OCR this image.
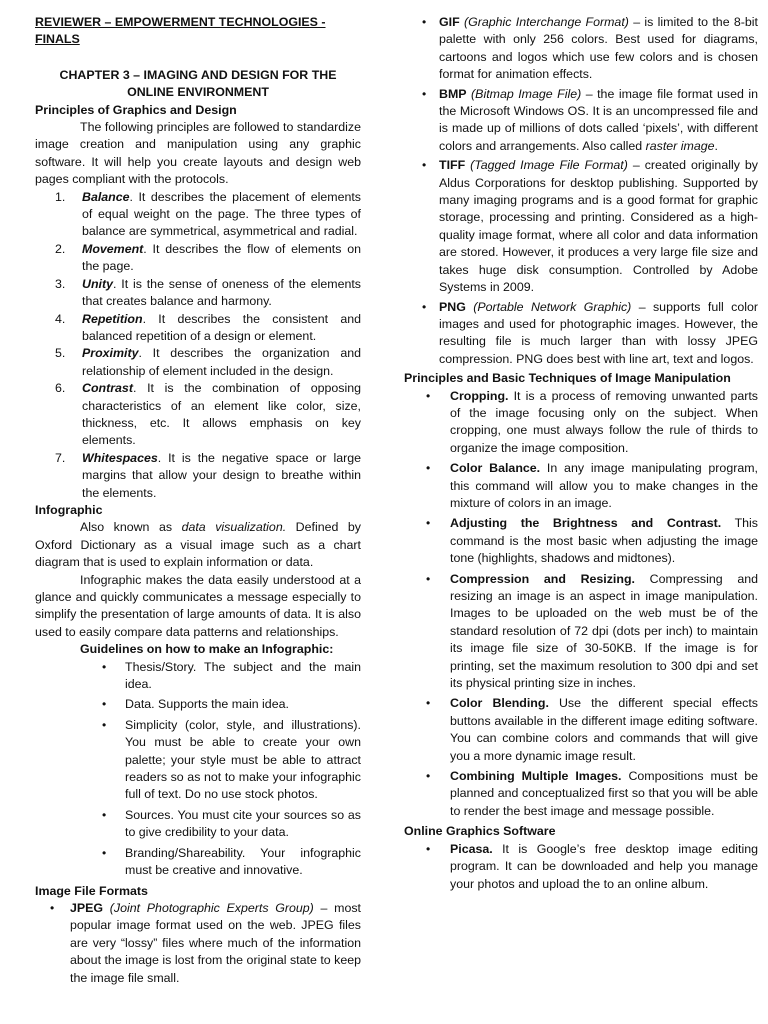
REVIEWER – EMPOWERMENT TECHNOLOGIES - FINALS

CHAPTER 3 – IMAGING AND DESIGN FOR THE ONLINE ENVIRONMENT

Principles of Graphics and Design

The following principles are followed to standardize image creation and manipulation using any graphic software. It will help you create layouts and design web pages compliant with the protocols.

1. Balance. It describes the placement of elements of equal weight on the page. The three types of balance are symmetrical, asymmetrical and radial.
2. Movement. It describes the flow of elements on the page.
3. Unity. It is the sense of oneness of the elements that creates balance and harmony.
4. Repetition. It describes the consistent and balanced repetition of a design or element.
5. Proximity. It describes the organization and relationship of element included in the design.
6. Contrast. It is the combination of opposing characteristics of an element like color, size, thickness, etc. It allows emphasis on key elements.
7. Whitespaces. It is the negative space or large margins that allow your design to breathe within the elements.

Infographic

Also known as data visualization. Defined by Oxford Dictionary as a visual image such as a chart diagram that is used to explain information or data.

Infographic makes the data easily understood at a glance and quickly communicates a message especially to simplify the presentation of large amounts of data. It is also used to easily compare data patterns and relationships.

Guidelines on how to make an Infographic:

• Thesis/Story. The subject and the main idea.
• Data. Supports the main idea.
• Simplicity (color, style, and illustrations). You must be able to create your own palette; your style must be able to attract readers so as not to make your infographic full of text. Do no use stock photos.
• Sources. You must cite your sources so as to give credibility to your data.
• Branding/Shareability. Your infographic must be creative and innovative.

Image File Formats

• JPEG (Joint Photographic Experts Group) – most popular image format used on the web. JPEG files are very “lossy” files where much of the information about the image is lost from the original state to keep the image file small.
• GIF (Graphic Interchange Format) – is limited to the 8-bit palette with only 256 colors. Best used for diagrams, cartoons and logos which use few colors and is chosen format for animation effects.
• BMP (Bitmap Image File) – the image file format used in the Microsoft Windows OS. It is an uncompressed file and is made up of millions of dots called ‘pixels’, with different colors and arrangements. Also called raster image.
• TIFF (Tagged Image File Format) – created originally by Aldus Corporations for desktop publishing. Supported by many imaging programs and is a good format for graphic storage, processing and printing. Considered as a high-quality image format, where all color and data information are stored. However, it produces a very large file size and takes huge disk consumption. Controlled by Adobe Systems in 2009.
• PNG (Portable Network Graphic) – supports full color images and used for photographic images. However, the resulting file is much larger than with lossy JPEG compression. PNG does best with line art, text and logos.

Principles and Basic Techniques of Image Manipulation

• Cropping. It is a process of removing unwanted parts of the image focusing only on the subject. When cropping, one must always follow the rule of thirds to organize the image composition.
• Color Balance. In any image manipulating program, this command will allow you to make changes in the mixture of colors in an image.
• Adjusting the Brightness and Contrast. This command is the most basic when adjusting the image tone (highlights, shadows and midtones).
• Compression and Resizing. Compressing and resizing an image is an aspect in image manipulation. Images to be uploaded on the web must be of the standard resolution of 72 dpi (dots per inch) to maintain its image file size of 30-50KB. If the image is for printing, set the maximum resolution to 300 dpi and set its physical printing size in inches.
• Color Blending. Use the different special effects buttons available in the different image editing software. You can combine colors and commands that will give you a more dynamic image result.
• Combining Multiple Images. Compositions must be planned and conceptualized first so that you will be able to render the best image and message possible.

Online Graphics Software

• Picasa. It is Google’s free desktop image editing program. It can be downloaded and help you manage your photos and upload the to an online album.
